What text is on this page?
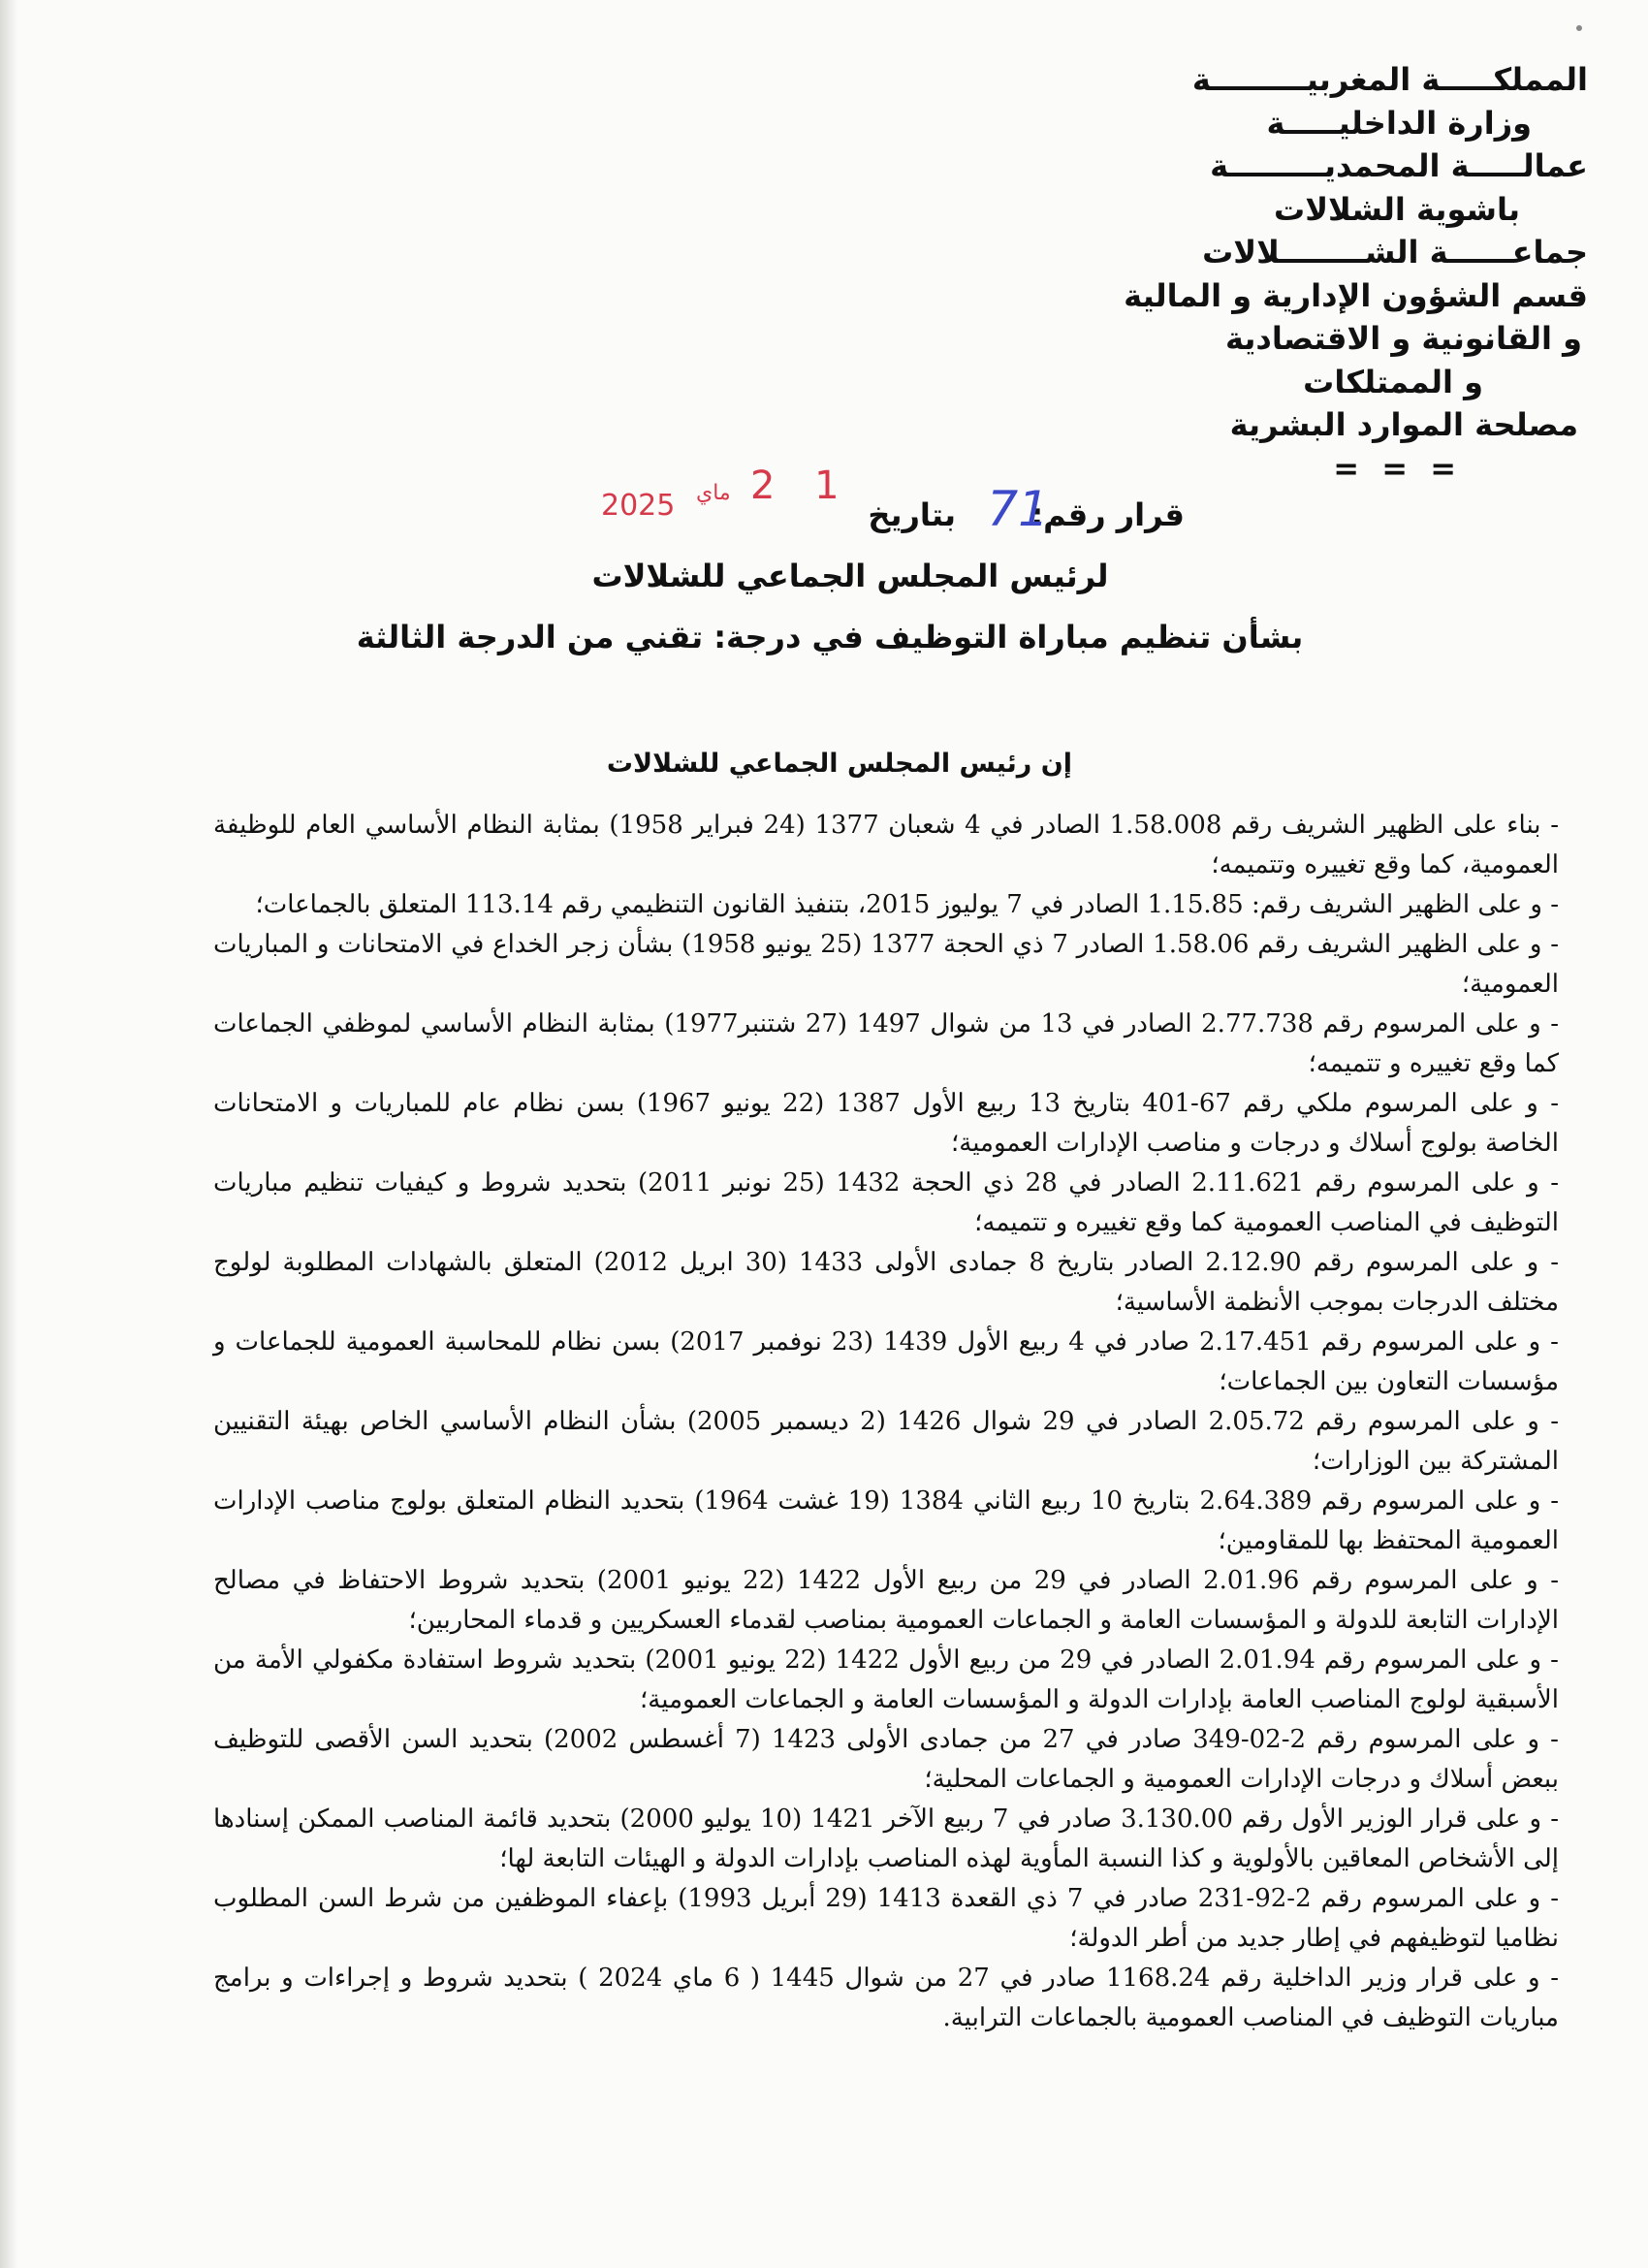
المملكـــــة المغربيـــــــــة
وزارة الداخليـــــة
عمالـــــة المحمديـــــــــة
باشوية الشلالات
جماعــــــة الشــــــــلالات
قسم الشؤون الإدارية و المالية
و القانونية و الاقتصادية
و الممتلكات
مصلحة الموارد البشرية
= = =
قرار رقم:
71
بتاريخ
2025 ماي 1 2
لرئيس المجلس الجماعي للشلالات
بشأن تنظيم مباراة التوظيف في درجة: تقني من الدرجة الثالثة
إن رئيس المجلس الجماعي للشلالات

- بناء على الظهير الشريف رقم 1.58.008 الصادر في 4 شعبان 1377 (24 فبراير 1958) بمثابة النظام الأساسي العام للوظيفة العمومية، كما وقع تغييره وتتميمه؛

- و على الظهير الشريف رقم: 1.15.85 الصادر في 7 يوليوز 2015، بتنفيذ القانون التنظيمي رقم 113.14 المتعلق بالجماعات؛

- و على الظهير الشريف رقم 1.58.06 الصادر 7 ذي الحجة 1377 (25 يونيو 1958) بشأن زجر الخداع في الامتحانات و المباريات العمومية؛

- و على المرسوم رقم 2.77.738 الصادر في 13 من شوال 1497 (27 شتنبر1977) بمثابة النظام الأساسي لموظفي الجماعات كما وقع تغييره و تتميمه؛

- و على المرسوم ملكي رقم 67-401 بتاريخ 13 ربيع الأول 1387 (22 يونيو 1967) بسن نظام عام للمباريات و الامتحانات الخاصة بولوج أسلاك و درجات و مناصب الإدارات العمومية؛

- و على المرسوم رقم 2.11.621 الصادر في 28 ذي الحجة 1432 (25 نونبر 2011) بتحديد شروط و كيفيات تنظيم مباريات التوظيف في المناصب العمومية كما وقع تغييره و تتميمه؛

- و على المرسوم رقم 2.12.90 الصادر بتاريخ 8 جمادى الأولى 1433 (30 ابريل 2012) المتعلق بالشهادات المطلوبة لولوج مختلف الدرجات بموجب الأنظمة الأساسية؛

- و على المرسوم رقم 2.17.451 صادر في 4 ربيع الأول 1439 (23 نوفمبر 2017) بسن نظام للمحاسبة العمومية للجماعات و مؤسسات التعاون بين الجماعات؛

- و على المرسوم رقم 2.05.72 الصادر في 29 شوال 1426 (2 ديسمبر 2005) بشأن النظام الأساسي الخاص بهيئة التقنيين المشتركة بين الوزارات؛

- و على المرسوم رقم 2.64.389 بتاريخ 10 ربيع الثاني 1384 (19 غشت 1964) بتحديد النظام المتعلق بولوج مناصب الإدارات العمومية المحتفظ بها للمقاومين؛

- و على المرسوم رقم 2.01.96 الصادر في 29 من ربيع الأول 1422 (22 يونيو 2001) بتحديد شروط الاحتفاظ في مصالح الإدارات التابعة للدولة و المؤسسات العامة و الجماعات العمومية بمناصب لقدماء العسكريين و قدماء المحاربين؛

- و على المرسوم رقم 2.01.94 الصادر في 29 من ربيع الأول 1422 (22 يونيو 2001) بتحديد شروط استفادة مكفولي الأمة من الأسبقية لولوج المناصب العامة بإدارات الدولة و المؤسسات العامة و الجماعات العمومية؛

- و على المرسوم رقم 2-02-349 صادر في 27 من جمادى الأولى 1423 (7 أغسطس 2002) بتحديد السن الأقصى للتوظيف ببعض أسلاك و درجات الإدارات العمومية و الجماعات المحلية؛

- و على قرار الوزير الأول رقم 3.130.00 صادر في 7 ربيع الآخر 1421 (10 يوليو 2000) بتحديد قائمة المناصب الممكن إسنادها إلى الأشخاص المعاقين بالأولوية و كذا النسبة المأوية لهذه المناصب بإدارات الدولة و الهيئات التابعة لها؛

- و على المرسوم رقم 2-92-231 صادر في 7 ذي القعدة 1413 (29 أبريل 1993) بإعفاء الموظفين من شرط السن المطلوب نظاميا لتوظيفهم في إطار جديد من أطر الدولة؛

- و على قرار وزير الداخلية رقم 1168.24 صادر في 27 من شوال 1445 ( 6 ماي 2024 ) بتحديد شروط و إجراءات و برامج مباريات التوظيف في المناصب العمومية بالجماعات الترابية.
